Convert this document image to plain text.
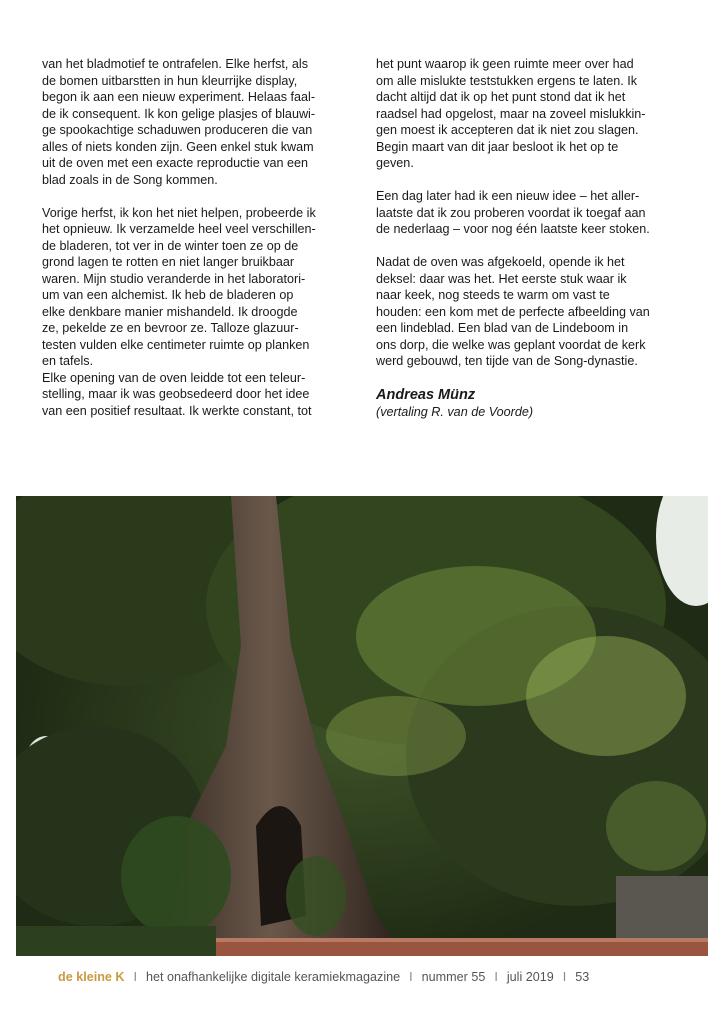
van het bladmotief te ontrafelen. Elke herfst, als
de bomen uitbarstten in hun kleurrijke display,
begon ik aan een nieuw experiment. Helaas faal-
de ik consequent. Ik kon gelige plasjes of blauwi-
ge spookachtige schaduwen produceren die van
alles of niets konden zijn. Geen enkel stuk kwam
uit de oven met een exacte reproductie van een
blad zoals in de Song kommen.

Vorige herfst, ik kon het niet helpen, probeerde ik
het opnieuw. Ik verzamelde heel veel verschillen-
de bladeren, tot ver in de winter toen ze op de
grond lagen te rotten en niet langer bruikbaar
waren. Mijn studio veranderde in het laboratori-
um van een alchemist. Ik heb de bladeren op
elke denkbare manier mishandeld. Ik droogde
ze, pekelde ze en bevroor ze. Talloze glazuur-
testen vulden elke centimeter ruimte op planken
en tafels.

Elke opening van de oven leidde tot een teleur-
stelling, maar ik was geobsedeerd door het idee
van een positief resultaat. Ik werkte constant, tot

het punt waarop ik geen ruimte meer over had
om alle mislukte teststukken ergens te laten. Ik
dacht altijd dat ik op het punt stond dat ik het
raadsel had opgelost, maar na zoveel mislukkin-
gen moest ik accepteren dat ik niet zou slagen.
Begin maart van dit jaar besloot ik het op te
geven.

Een dag later had ik een nieuw idee – het aller-
laatste dat ik zou proberen voordat ik toegaf aan
de nederlaag – voor nog één laatste keer stoken.

Nadat de oven was afgekoeld, opende ik het
deksel: daar was het. Het eerste stuk waar ik
naar keek, nog steeds te warm om vast te
houden: een kom met de perfecte afbeelding van
een lindeblad. Een blad van de Lindeboom in
ons dorp, die welke was geplant voordat de kerk
werd gebouwd, ten tijde van de Song-dynastie.

Andreas Münz
(vertaling R. van de Voorde)
de kleine K I het onafhankelijke digitale keramiekmagazine I nummer 55 I juli 2019 I 53
